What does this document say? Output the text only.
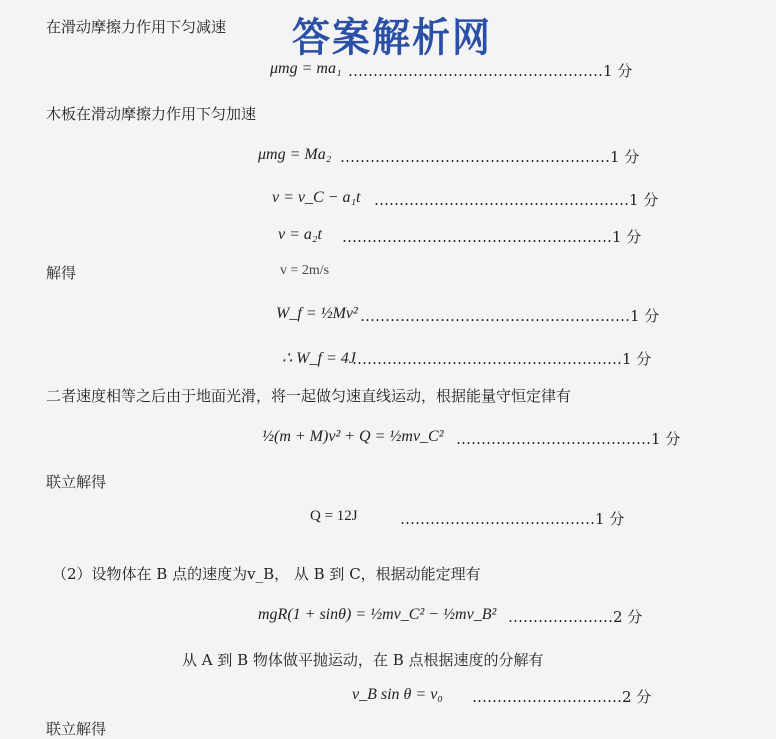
答案解析网
在滑动摩擦力作用下匀减速
μmg = ma₁ ……………………………………………1 分
木板在滑动摩擦力作用下匀加速
μmg = Ma₂ ………………………………………………1 分
v = v_C − a₁t ……………………………………………1 分
v = a₂t ………………………………………………1 分
解得	v = 2m/s
W_f = ½Mv² ………………………………………………1 分
∴ W_f = 4J
………………………………………………1 分
二者速度相等之后由于地面光滑，将一起做匀速直线运动，根据能量守恒定律有
½(m + M)v² + Q = ½mv_C² …………………………………1 分
联立解得
Q = 12J	…………………………………1 分
（2）设物体在 B 点的速度为v_B， 从 B 到 C，根据动能定理有
mgR(1 + sinθ) = ½mv_C² − ½mv_B² …………………2 分
从 A 到 B 物体做平抛运动，在 B 点根据速度的分解有
v_B sin θ = v₀ …………………………2 分
联立解得
